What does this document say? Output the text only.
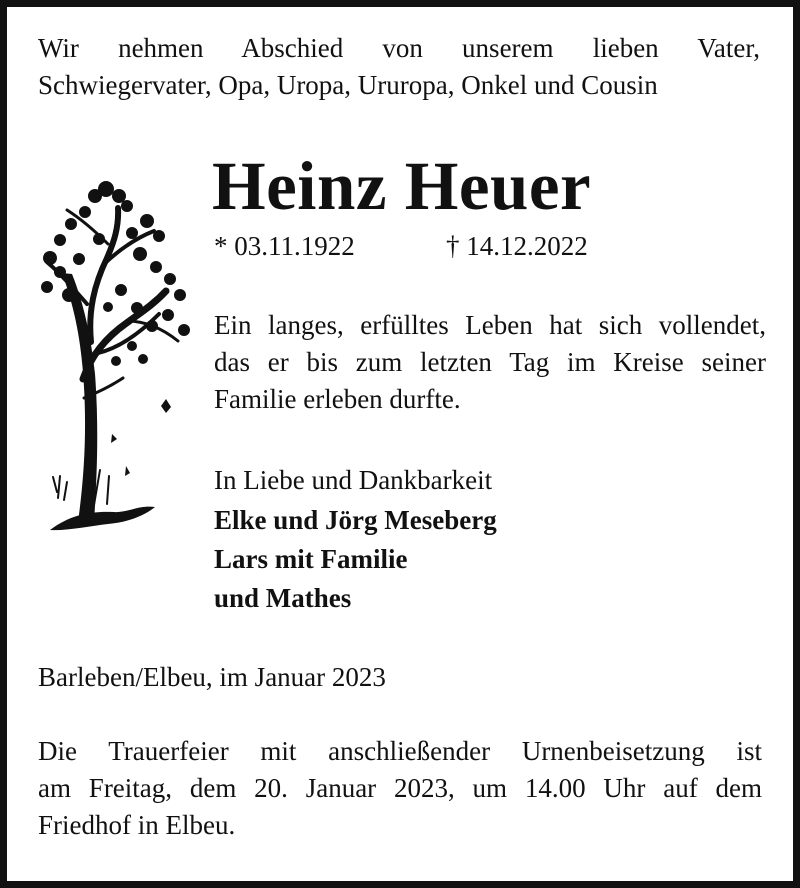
Wir nehmen Abschied von unserem lieben Vater,
Schwiegervater, Opa, Uropa, Ururopa, Onkel und Cousin

Heinz Heuer

* 03.11.1922	† 14.12.2022

Ein langes, erfülltes Leben hat sich vollendet,
das er bis zum letzten Tag im Kreise seiner
Familie erleben durfte.

In Liebe und Dankbarkeit

Elke und Jörg Meseberg

Lars mit Familie

und Mathes

Barleben/Elbeu, im Januar 2023

Die Trauerfeier mit anschließender Urnenbeisetzung ist
am Freitag, dem 20. Januar 2023, um 14.00 Uhr auf dem
Friedhof in Elbeu.
